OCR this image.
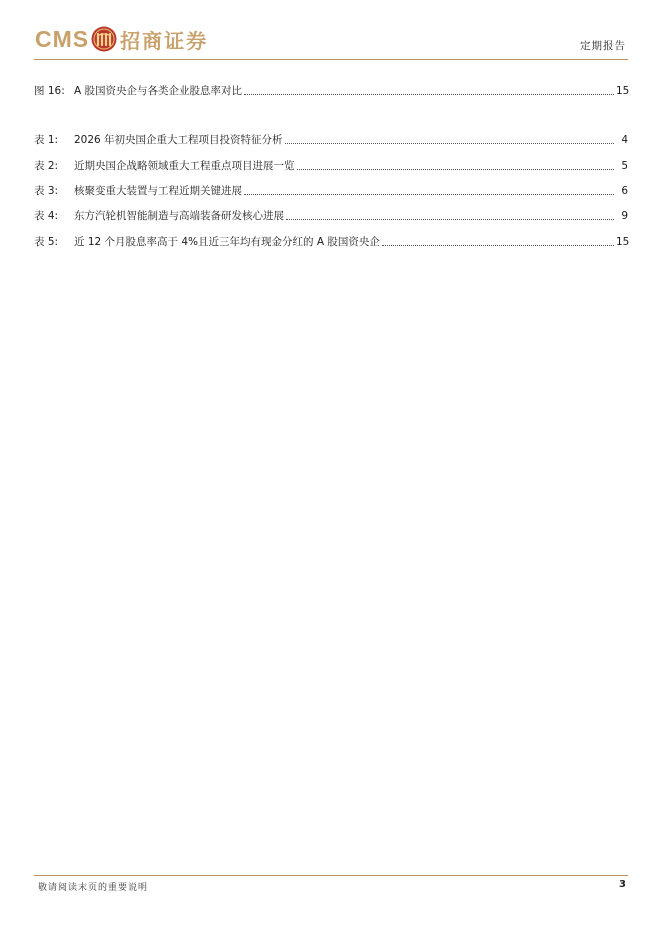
CMS 招商证券	定期报告
图 16: A 股国资央企与各类企业股息率对比	15
表 1:	2026 年初央国企重大工程项目投资特征分析	4
表 2:	近期央国企战略领域重大工程重点项目进展一览	5
表 3:	核聚变重大装置与工程近期关键进展	6
表 4:	东方汽轮机智能制造与高端装备研发核心进展	9
表 5:	近 12 个月股息率高于 4%且近三年均有现金分红的 A 股国资央企	15
敬请阅读末页的重要说明	3
